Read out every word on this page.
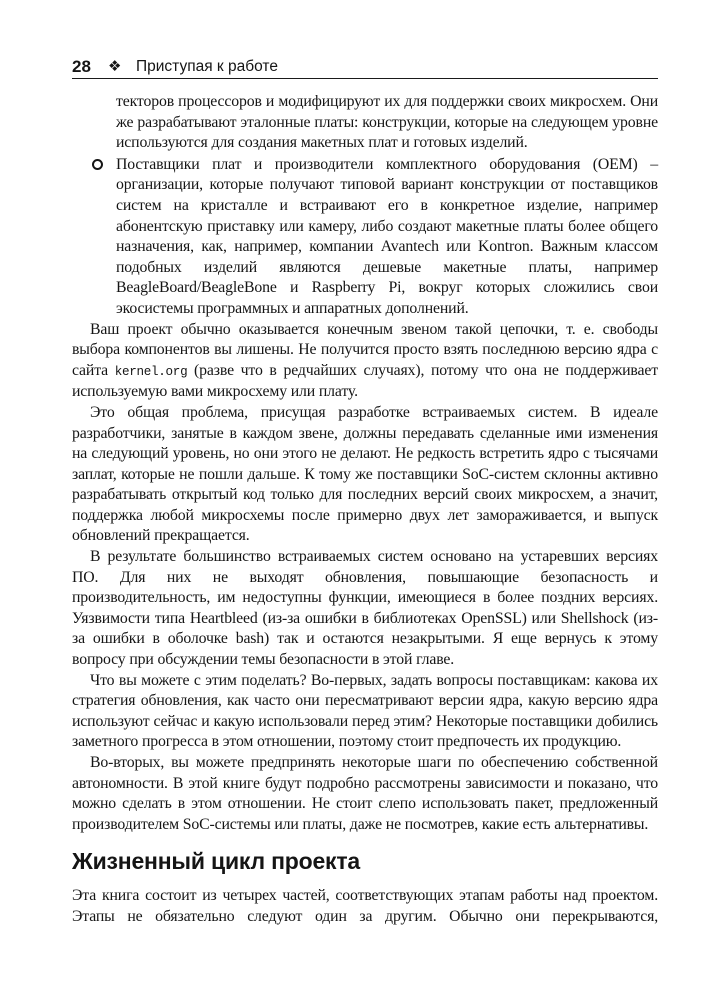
28 ❖ Приступая к работе

текторов процессоров и модифицируют их для поддержки своих микросхем. Они же разрабатывают эталонные платы: конструкции, которые на следующем уровне используются для создания макетных плат и готовых изделий.

Поставщики плат и производители комплектного оборудования (OEM) – организации, которые получают типовой вариант конструкции от поставщиков систем на кристалле и встраивают его в конкретное изделие, например абонентскую приставку или камеру, либо создают макетные платы более общего назначения, как, например, компании Avantech или Kontron. Важным классом подобных изделий являются дешевые макетные платы, например BeagleBoard/BeagleBone и Raspberry Pi, вокруг которых сложились свои экосистемы программных и аппаратных дополнений.

Ваш проект обычно оказывается конечным звеном такой цепочки, т. е. свободы выбора компонентов вы лишены. Не получится просто взять последнюю версию ядра с сайта kernel.org (разве что в редчайших случаях), потому что она не поддерживает используемую вами микросхему или плату.

Это общая проблема, присущая разработке встраиваемых систем. В идеале разработчики, занятые в каждом звене, должны передавать сделанные ими изменения на следующий уровень, но они этого не делают. Не редкость встретить ядро с тысячами заплат, которые не пошли дальше. К тому же поставщики SoC-систем склонны активно разрабатывать открытый код только для последних версий своих микросхем, а значит, поддержка любой микросхемы после примерно двух лет замораживается, и выпуск обновлений прекращается.

В результате большинство встраиваемых систем основано на устаревших версиях ПО. Для них не выходят обновления, повышающие безопасность и производительность, им недоступны функции, имеющиеся в более поздних версиях. Уязвимости типа Heartbleed (из-за ошибки в библиотеках OpenSSL) или Shellshock (из-за ошибки в оболочке bash) так и остаются незакрытыми. Я еще вернусь к этому вопросу при обсуждении темы безопасности в этой главе.

Что вы можете с этим поделать? Во-первых, задать вопросы поставщикам: какова их стратегия обновления, как часто они пересматривают версии ядра, какую версию ядра используют сейчас и какую использовали перед этим? Некоторые поставщики добились заметного прогресса в этом отношении, поэтому стоит предпочесть их продукцию.

Во-вторых, вы можете предпринять некоторые шаги по обеспечению собственной автономности. В этой книге будут подробно рассмотрены зависимости и показано, что можно сделать в этом отношении. Не стоит слепо использовать пакет, предложенный производителем SoC-системы или платы, даже не посмотрев, какие есть альтернативы.

Жизненный цикл проекта

Эта книга состоит из четырех частей, соответствующих этапам работы над проектом. Этапы не обязательно следуют один за другим. Обычно они перекрываются,
